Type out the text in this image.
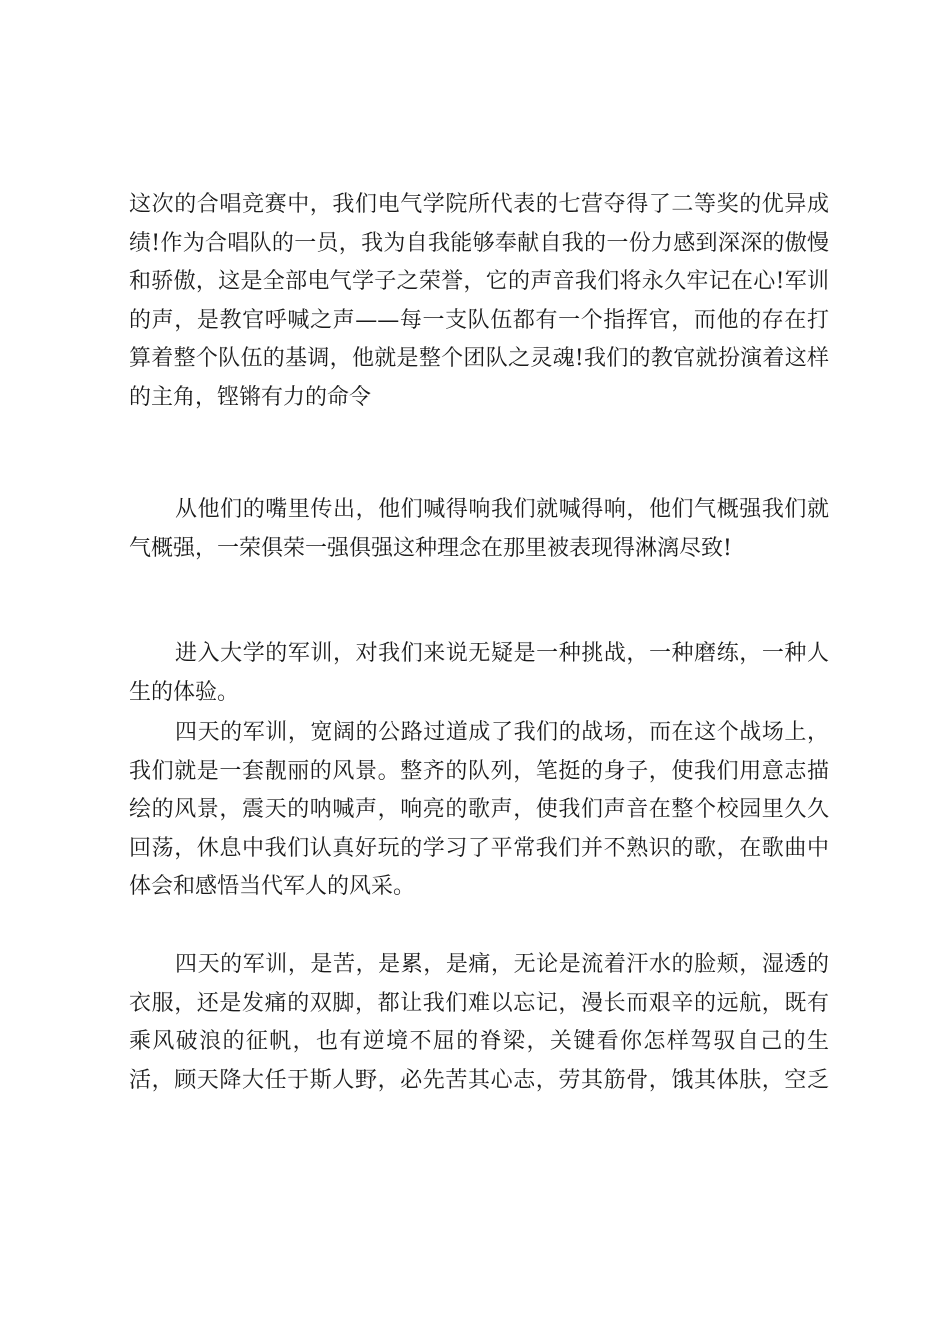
这次的合唱竞赛中，我们电气学院所代表的七营夺得了二等奖的优异成
绩!作为合唱队的一员，我为自我能够奉献自我的一份力感到深深的傲慢
和骄傲，这是全部电气学子之荣誉，它的声音我们将永久牢记在心!军训
的声，是教官呼喊之声——每一支队伍都有一个指挥官，而他的存在打
算着整个队伍的基调，他就是整个团队之灵魂!我们的教官就扮演着这样
的主角，铿锵有力的命令
从他们的嘴里传出，他们喊得响我们就喊得响，他们气概强我们就
气概强，一荣俱荣一强俱强这种理念在那里被表现得淋漓尽致!
进入大学的军训，对我们来说无疑是一种挑战，一种磨练，一种人
生的体验。
四天的军训，宽阔的公路过道成了我们的战场，而在这个战场上，
我们就是一套靓丽的风景。整齐的队列，笔挺的身子，使我们用意志描
绘的风景，震天的呐喊声，响亮的歌声，使我们声音在整个校园里久久
回荡，休息中我们认真好玩的学习了平常我们并不熟识的歌，在歌曲中
体会和感悟当代军人的风采。
四天的军训，是苦，是累，是痛，无论是流着汗水的脸颊，湿透的
衣服，还是发痛的双脚，都让我们难以忘记，漫长而艰辛的远航，既有
乘风破浪的征帆，也有逆境不屈的脊梁，关键看你怎样驾驭自己的生
活，顾天降大任于斯人野，必先苦其心志，劳其筋骨，饿其体肤，空乏
